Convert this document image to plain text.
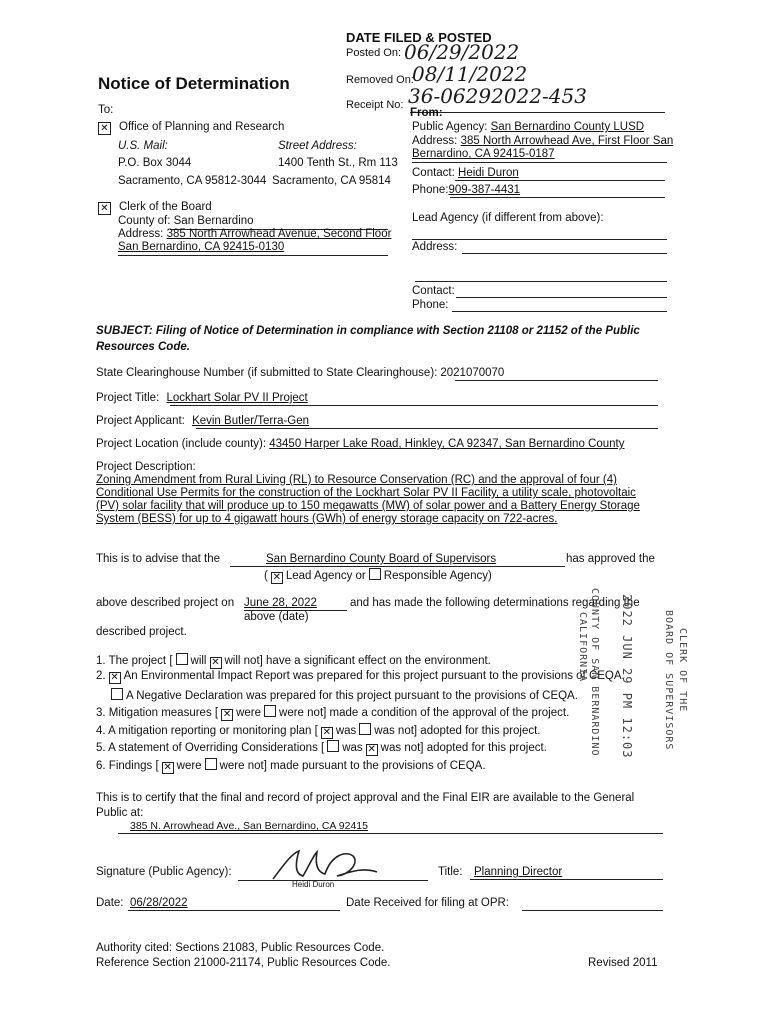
DATE FILED & POSTED
Posted On: 06/29/2022
Notice of Determination	Removed On:
08/11/2022
Receipt No: 36-06292022-453
To:
✕Office of Planning and Research
U.S. Mail:	Street Address:
P.O. Box 3044	1400 Tenth St., Rm 113
Sacramento, CA 95812-3044 Sacramento, CA 95814
✕Clerk of the Board
County of: San Bernardino
Address: 385 North Arrowhead Avenue, Second Floor
San Bernardino, CA 92415-0130
From:
Public Agency: San Bernardino County LUSD
Address: 385 North Arrowhead Ave, First Floor San
Bernardino, CA 92415-0187
Contact: Heidi Duron
Phone:909-387-4431
Lead Agency (if different from above):
Address:
Contact:
Phone:
SUBJECT: Filing of Notice of Determination in compliance with Section 21108 or 21152 of the Public Resources Code.
State Clearinghouse Number (if submitted to State Clearinghouse): 2021070070
Project Title: Lockhart Solar PV II Project
Project Applicant: Kevin Butler/Terra-Gen
Project Location (include county): 43450 Harper Lake Road, Hinkley, CA 92347, San Bernardino County
Project Description:
Zoning Amendment from Rural Living (RL) to Resource Conservation (RC) and the approval of four (4) Conditional Use Permits for the construction of the Lockhart Solar PV II Facility, a utility scale, photovoltaic (PV) solar facility that will produce up to 150 megawatts (MW) of solar power and a Battery Energy Storage System (BESS) for up to 4 gigawatt hours (GWh) of energy storage capacity on 722-acres.
This is to advise that the	San Bernardino County Board of Supervisors	has approved the
( ✕ Lead Agency or Responsible Agency)
above described project on June 28, 2022	and has made the following determinations regarding the
above (date)
described project.
1. The project [ will ✕ will not] have a significant effect on the environment.
2. ✕ An Environmental Impact Report was prepared for this project pursuant to the provisions of CEQA.
A Negative Declaration was prepared for this project pursuant to the provisions of CEQA.
3. Mitigation measures [ ✕ were were not] made a condition of the approval of the project.
4. A mitigation reporting or monitoring plan [ ✕ was was not] adopted for this project.
5. A statement of Overriding Considerations [ was ✕ was not] adopted for this project.
6. Findings [ ✕ were were not] made pursuant to the provisions of CEQA.
This is to certify that the final and record of project approval and the Final EIR are available to the General Public at:
385 N. Arrowhead Ave., San Bernardino, CA 92415
Signature (Public Agency):
Heidi Duron
Title: Planning Director
Date: 06/28/2022	Date Received for filing at OPR:
Authority cited: Sections 21083, Public Resources Code.
Reference Section 21000-21174, Public Resources Code.	Revised 2011
COUNTY OF SAN BERNARDINO
CALIFORNIA	2022 JUN 29 PM 12:03	CLERK OF THE
BOARD OF SUPERVISORS
